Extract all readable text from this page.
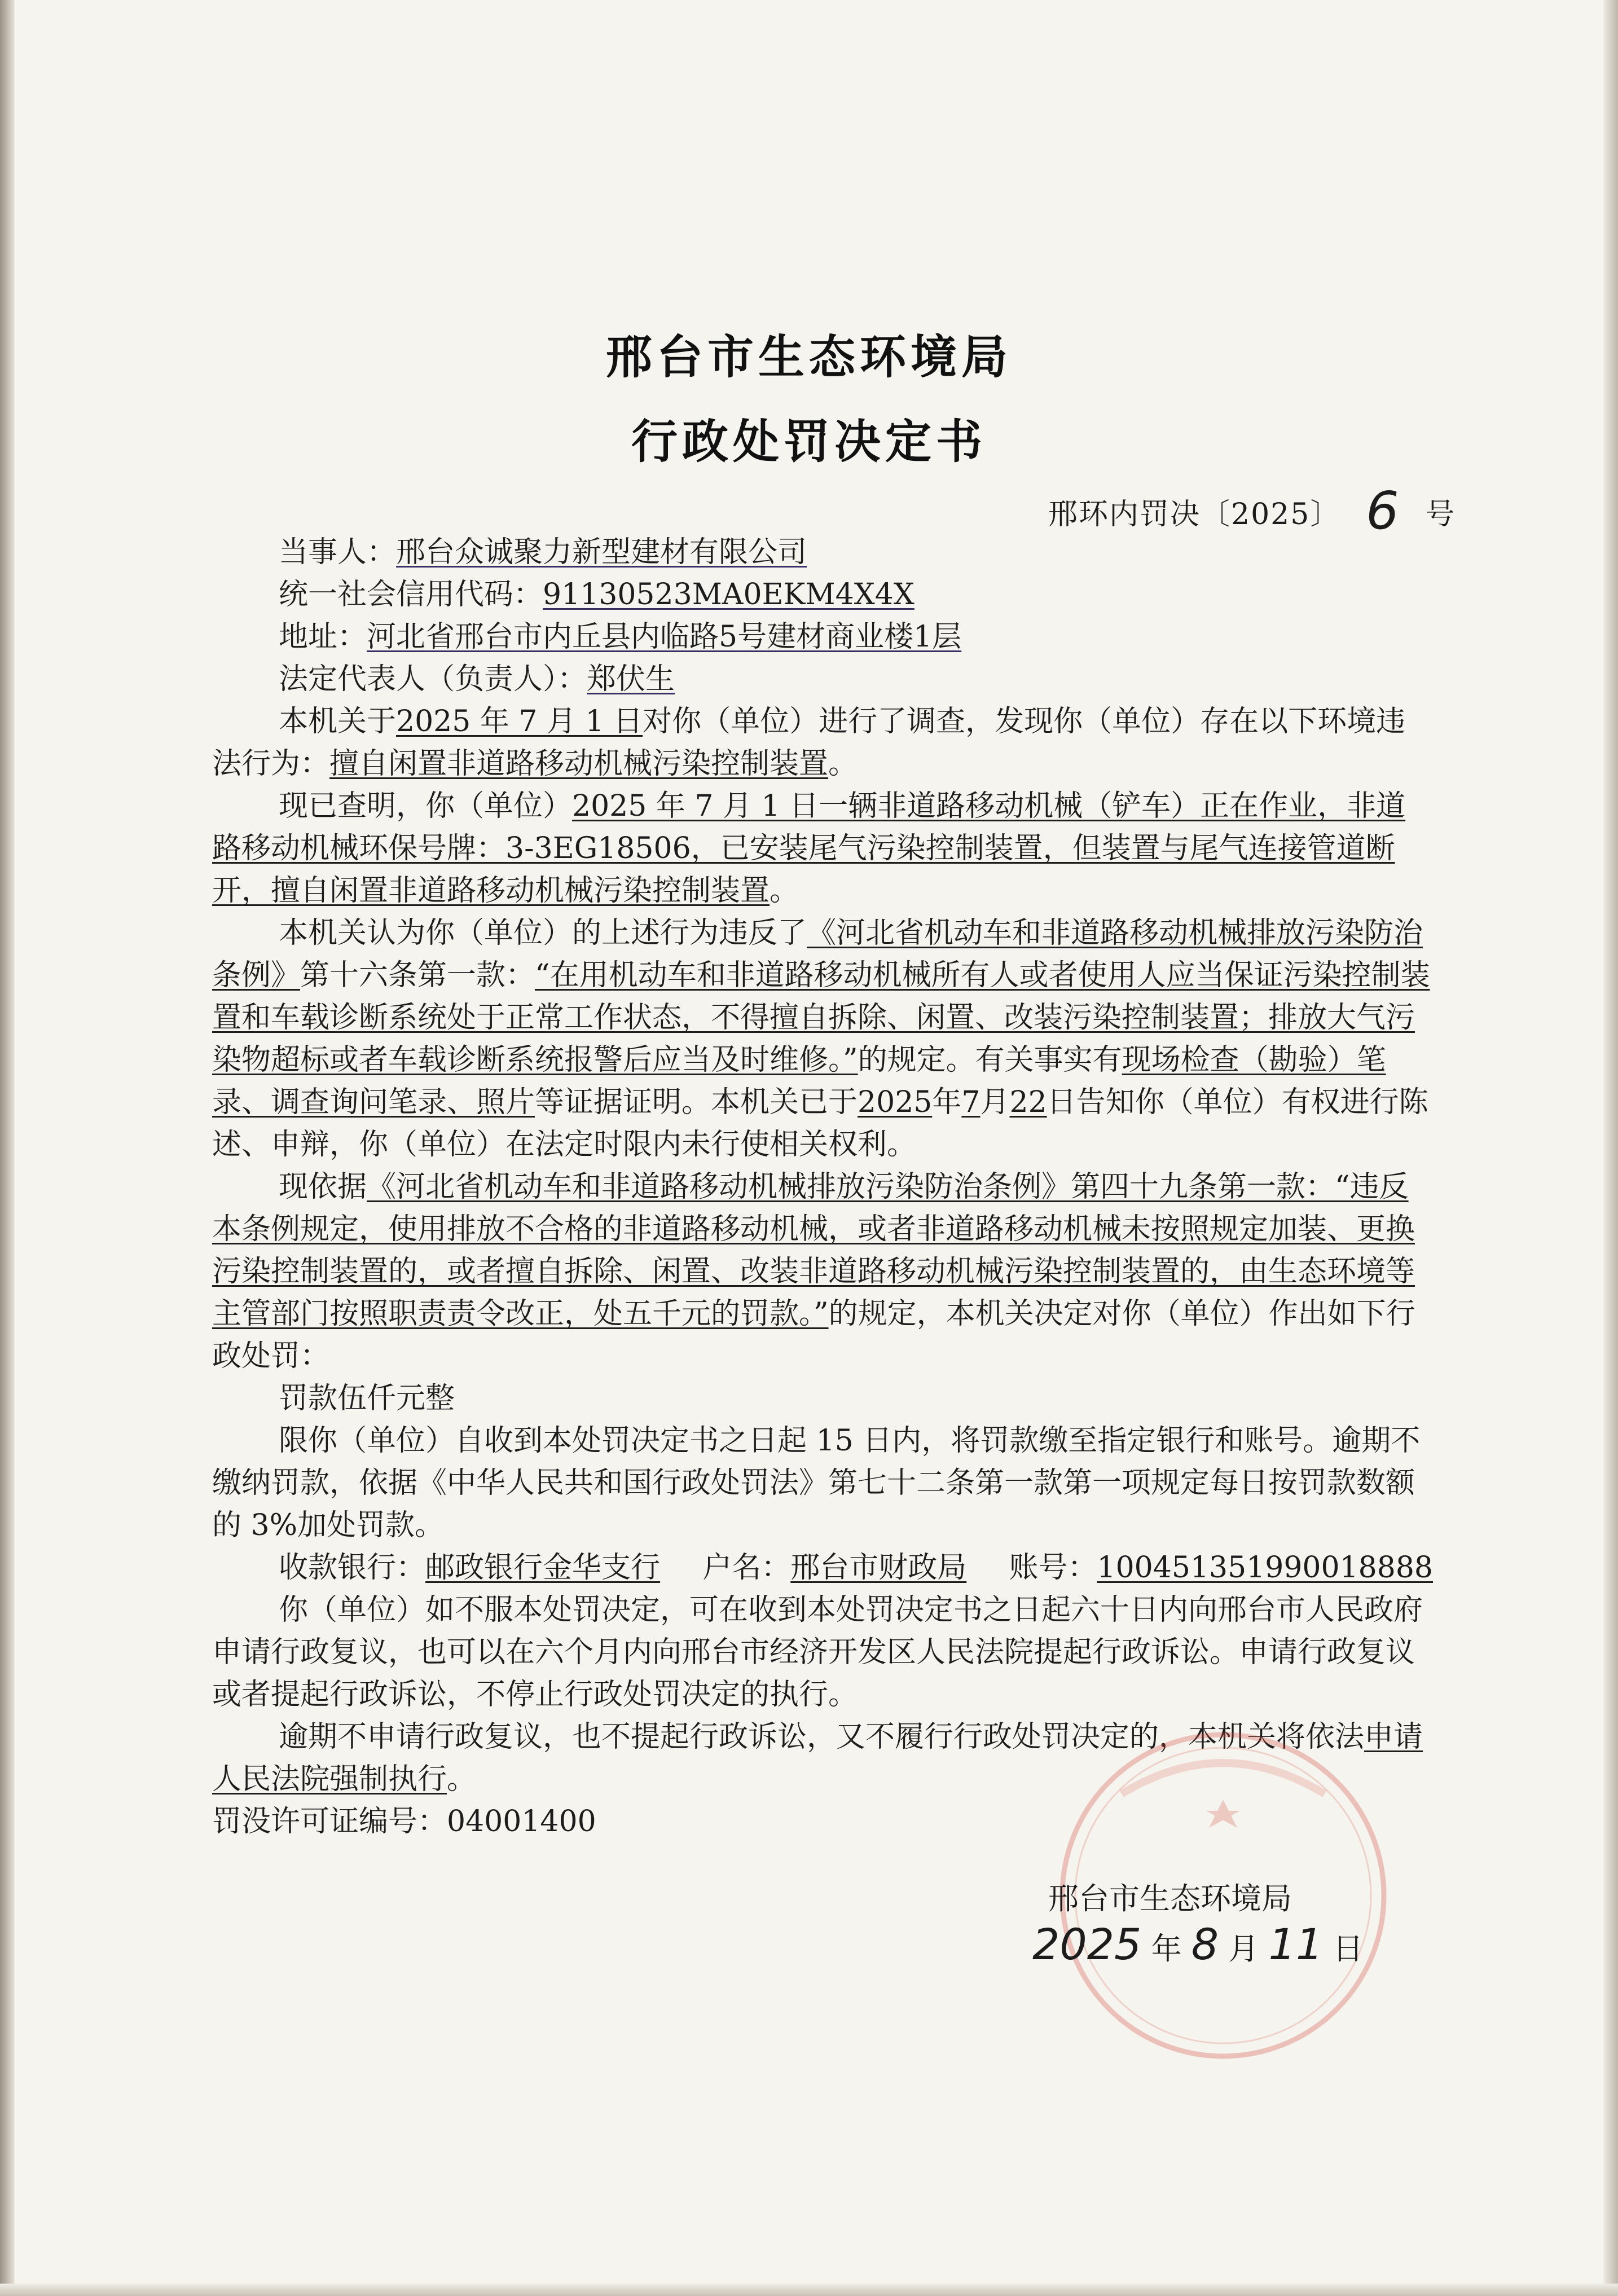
邢台市生态环境局
行政处罚决定书
邢环内罚决〔2025〕 6 号

当事人：邢台众诚聚力新型建材有限公司

统一社会信用代码：91130523MA0EKM4X4X

地址：河北省邢台市内丘县内临路5号建材商业楼1层

法定代表人（负责人）：郑伏生

本机关于2025 年 7 月 1 日对你（单位）进行了调查，发现你（单位）存在以下环境违法行为：擅自闲置非道路移动机械污染控制装置。

现已查明，你（单位）2025 年 7 月 1 日一辆非道路移动机械（铲车）正在作业，非道路移动机械环保号牌：3-3EG18506，已安装尾气污染控制装置，但装置与尾气连接管道断开，擅自闲置非道路移动机械污染控制装置。

本机关认为你（单位）的上述行为违反了《河北省机动车和非道路移动机械排放污染防治条例》第十六条第一款：“在用机动车和非道路移动机械所有人或者使用人应当保证污染控制装置和车载诊断系统处于正常工作状态，不得擅自拆除、闲置、改装污染控制装置；排放大气污染物超标或者车载诊断系统报警后应当及时维修。”的规定。有关事实有现场检查（勘验）笔录、调查询问笔录、照片等证据证明。本机关已于2025年7月22日告知你（单位）有权进行陈述、申辩，你（单位）在法定时限内未行使相关权利。

现依据《河北省机动车和非道路移动机械排放污染防治条例》第四十九条第一款：“违反本条例规定，使用排放不合格的非道路移动机械，或者非道路移动机械未按照规定加装、更换污染控制装置的，或者擅自拆除、闲置、改装非道路移动机械污染控制装置的，由生态环境等主管部门按照职责责令改正，处五千元的罚款。”的规定，本机关决定对你（单位）作出如下行政处罚：

罚款伍仟元整

限你（单位）自收到本处罚决定书之日起 15 日内，将罚款缴至指定银行和账号。逾期不缴纳罚款，依据《中华人民共和国行政处罚法》第七十二条第一款第一项规定每日按罚款数额的 3%加处罚款。

收款银行：邮政银行金华支行 户名：邢台市财政局 账号：100451351990018888

你（单位）如不服本处罚决定，可在收到本处罚决定书之日起六十日内向邢台市人民政府申请行政复议，也可以在六个月内向邢台市经济开发区人民法院提起行政诉讼。申请行政复议或者提起行政诉讼，不停止行政处罚决定的执行。

逾期不申请行政复议，也不提起行政诉讼，又不履行行政处罚决定的，本机关将依法申请人民法院强制执行。

罚没许可证编号：04001400

邢台市生态环境局
2025 年 8 月 11 日
